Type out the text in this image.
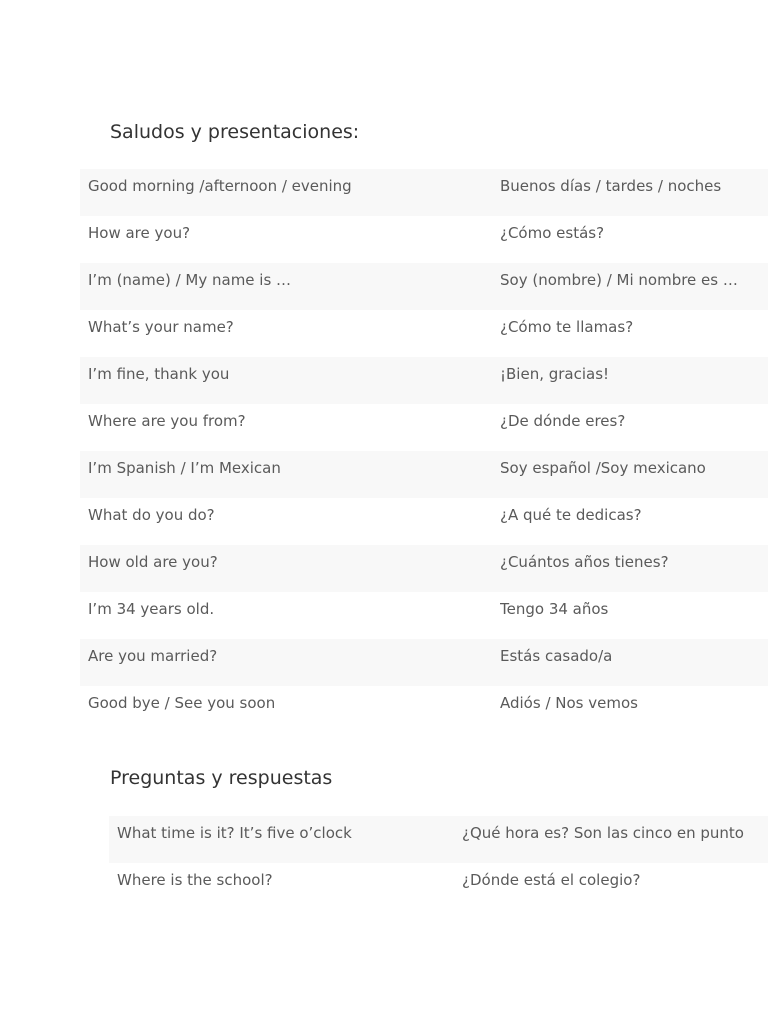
Saludos y presentaciones:
Good morning /afternoon / evening	Buenos días / tardes / noches
How are you?	¿Cómo estás?
I’m (name) / My name is …	Soy (nombre) / Mi nombre es …
What’s your name?	¿Cómo te llamas?
I’m fine, thank you	¡Bien, gracias!
Where are you from?	¿De dónde eres?
I’m Spanish / I’m Mexican	Soy español /Soy mexicano
What do you do?	¿A qué te dedicas?
How old are you?	¿Cuántos años tienes?
I’m 34 years old.	Tengo 34 años
Are you married?	Estás casado/a
Good bye / See you soon	Adiós / Nos vemos
Preguntas y respuestas
What time is it? It’s five o’clock	¿Qué hora es? Son las cinco en punto
Where is the school?	¿Dónde está el colegio?
